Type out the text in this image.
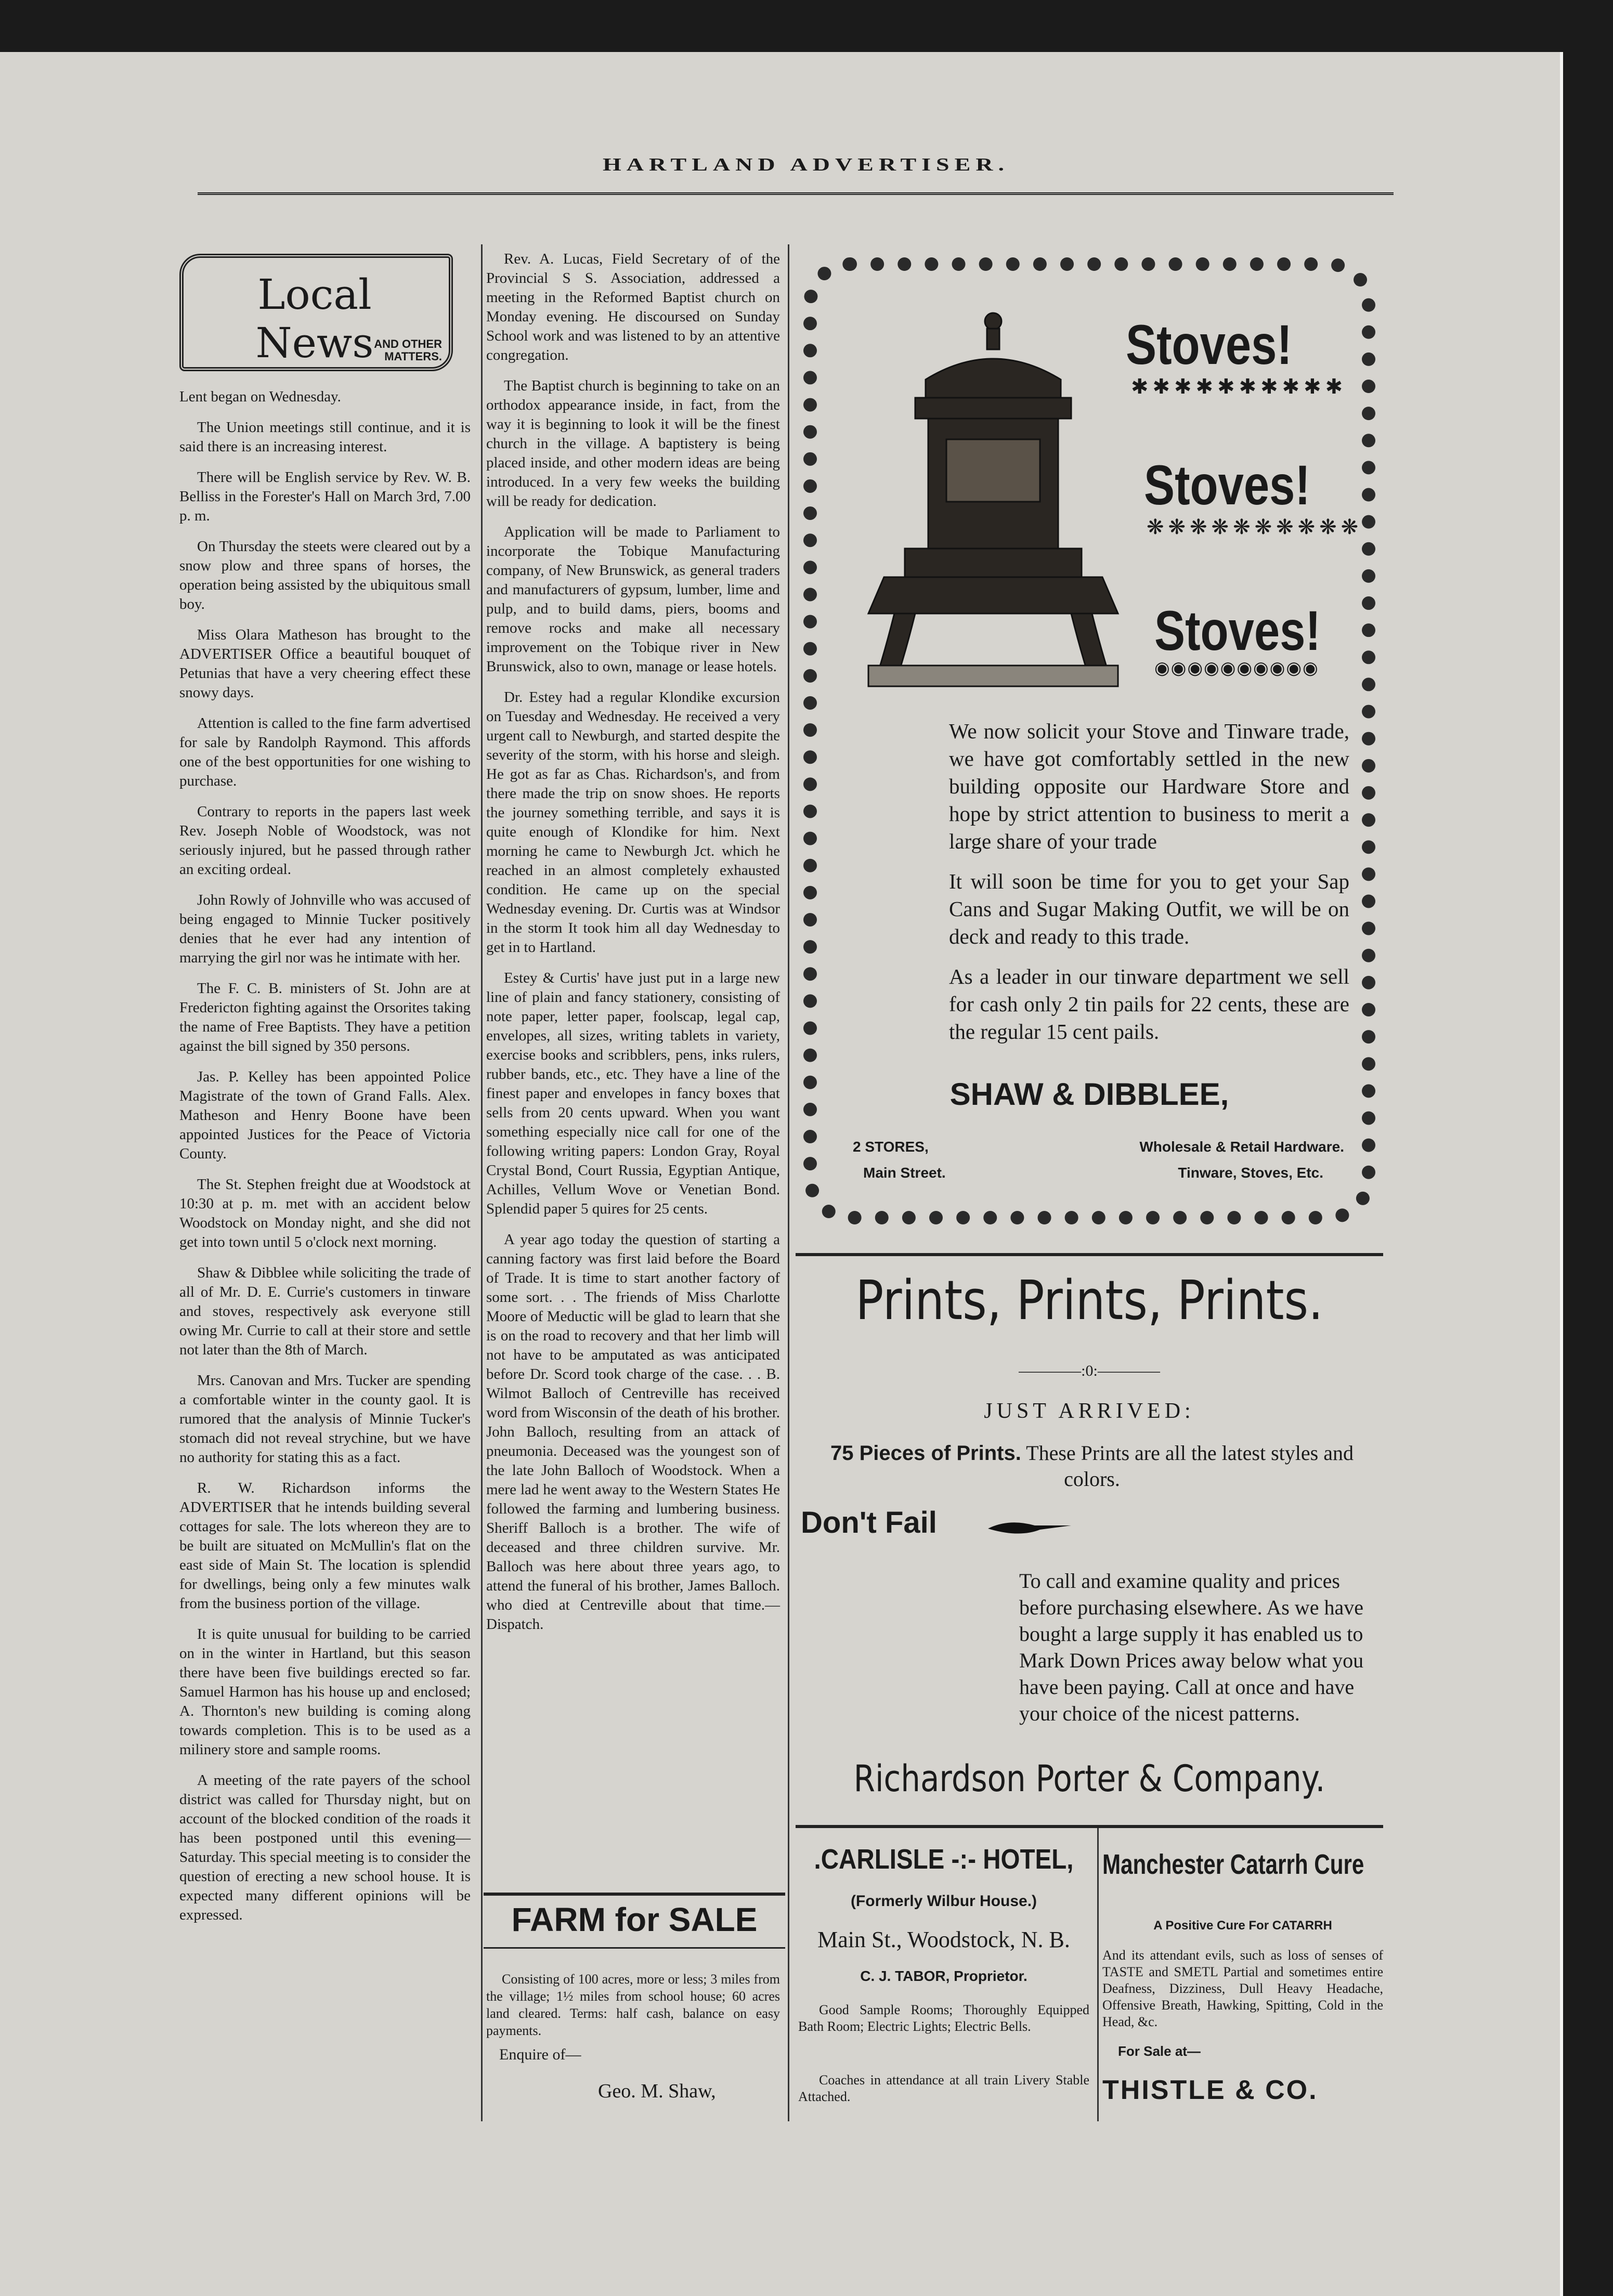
HARTLAND ADVERTISER.
Local News AND OTHER
MATTERS.

Lent began on Wednesday.

The Union meetings still continue, and it is said there is an increasing interest.

There will be English service by Rev. W. B. Belliss in the Forester's Hall on March 3rd, 7.00 p. m.

On Thursday the steets were cleared out by a snow plow and three spans of horses, the operation being assisted by the ubiquitous small boy.

Miss Olara Matheson has brought to the ADVERTISER Office a beautiful bouquet of Petunias that have a very cheering effect these snowy days.

Attention is called to the fine farm advertised for sale by Randolph Raymond. This affords one of the best opportunities for one wishing to purchase.

Contrary to reports in the papers last week Rev. Joseph Noble of Woodstock, was not seriously injured, but he passed through rather an exciting ordeal.

John Rowly of Johnville who was accused of being engaged to Minnie Tucker positively denies that he ever had any intention of marrying the girl nor was he intimate with her.

The F. C. B. ministers of St. John are at Fredericton fighting against the Orsorites taking the name of Free Baptists. They have a petition against the bill signed by 350 persons.

Jas. P. Kelley has been appointed Police Magistrate of the town of Grand Falls. Alex. Matheson and Henry Boone have been appointed Justices for the Peace of Victoria County.

The St. Stephen freight due at Woodstock at 10:30 at p. m. met with an accident below Woodstock on Monday night, and she did not get into town until 5 o'clock next morning.

Shaw & Dibblee while soliciting the trade of all of Mr. D. E. Currie's customers in tinware and stoves, respectively ask everyone still owing Mr. Currie to call at their store and settle not later than the 8th of March.

Mrs. Canovan and Mrs. Tucker are spending a comfortable winter in the county gaol. It is rumored that the analysis of Minnie Tucker's stomach did not reveal strychine, but we have no authority for stating this as a fact.

R. W. Richardson informs the ADVERTISER that he intends building several cottages for sale. The lots whereon they are to be built are situated on McMullin's flat on the east side of Main St. The location is splendid for dwellings, being only a few minutes walk from the business portion of the village.

It is quite unusual for building to be carried on in the winter in Hartland, but this season there have been five buildings erected so far. Samuel Harmon has his house up and enclosed; A. Thornton's new building is coming along towards completion. This is to be used as a milinery store and sample rooms.

A meeting of the rate payers of the school district was called for Thursday night, but on account of the blocked condition of the roads it has been postponed until this evening—Saturday. This special meeting is to consider the question of erecting a new school house. It is expected many different opinions will be expressed.

Rev. A. Lucas, Field Secretary of of the Provincial S S. Association, addressed a meeting in the Reformed Baptist church on Monday evening. He discoursed on Sunday School work and was listened to by an attentive congregation.

The Baptist church is beginning to take on an orthodox appearance inside, in fact, from the way it is beginning to look it will be the finest church in the village. A baptistery is being placed inside, and other modern ideas are being introduced. In a very few weeks the building will be ready for dedication.

Application will be made to Parliament to incorporate the Tobique Manufacturing company, of New Brunswick, as general traders and manufacturers of gypsum, lumber, lime and pulp, and to build dams, piers, booms and remove rocks and make all necessary improvement on the Tobique river in New Brunswick, also to own, manage or lease hotels.

Dr. Estey had a regular Klondike excursion on Tuesday and Wednesday. He received a very urgent call to Newburgh, and started despite the severity of the storm, with his horse and sleigh. He got as far as Chas. Richardson's, and from there made the trip on snow shoes. He reports the journey something terrible, and says it is quite enough of Klondike for him. Next morning he came to Newburgh Jct. which he reached in an almost completely exhausted condition. He came up on the special Wednesday evening. Dr. Curtis was at Windsor in the storm It took him all day Wednesday to get in to Hartland.

Estey & Curtis' have just put in a large new line of plain and fancy stationery, consisting of note paper, letter paper, foolscap, legal cap, envelopes, all sizes, writing tablets in variety, exercise books and scribblers, pens, inks rulers, rubber bands, etc., etc. They have a line of the finest paper and envelopes in fancy boxes that sells from 20 cents upward. When you want something especially nice call for one of the following writing papers: London Gray, Royal Crystal Bond, Court Russia, Egyptian Antique, Achilles, Vellum Wove or Venetian Bond. Splendid paper 5 quires for 25 cents.

A year ago today the question of starting a canning factory was first laid before the Board of Trade. It is time to start another factory of some sort. . . The friends of Miss Charlotte Moore of Meductic will be glad to learn that she is on the road to recovery and that her limb will not have to be amputated as was anticipated before Dr. Scord took charge of the case. . . B. Wilmot Balloch of Centreville has received word from Wisconsin of the death of his brother. John Balloch, resulting from an attack of pneumonia. Deceased was the youngest son of the late John Balloch of Woodstock. When a mere lad he went away to the Western States He followed the farming and lumbering business. Sheriff Balloch is a brother. The wife of deceased and three children survive. Mr. Balloch was here about three years ago, to attend the funeral of his brother, James Balloch. who died at Centreville about that time.—Dispatch.

FARM for SALE
Consisting of 100 acres, more or less; 3 miles from the village; 1½ miles from school house; 60 acres land cleared. Terms: half cash, balance on easy payments.
Enquire of—
Geo. M. Shaw,
Stoves!
✱✱✱✱✱✱✱✱✱✱
Stoves!
❋❋❋❋❋❋❋❋❋❋
Stoves!
◉◉◉◉◉◉◉◉◉◉

We now solicit your Stove and Tinware trade, we have got comfortably settled in the new building opposite our Hardware Store and hope by strict attention to business to merit a large share of your trade

It will soon be time for you to get your Sap Cans and Sugar Making Outfit, we will be on deck and ready to this trade.

As a leader in our tinware department we sell for cash only 2 tin pails for 22 cents, these are the regular 15 cent pails.

SHAW & DIBBLEE,
2 STORES,
Main Street.
Wholesale & Retail Hardware.
Tinware, Stoves, Etc.
Prints, Prints, Prints.
————:0:————
JUST ARRIVED:
75 Pieces of Prints. These Prints are all the latest styles and colors.
Don't Fail
To call and examine quality and prices before purchasing elsewhere. As we have bought a large supply it has enabled us to Mark Down Prices away below what you have been paying. Call at once and have your choice of the nicest patterns.
Richardson Porter & Company.
.CARLISLE -:- HOTEL,
(Formerly Wilbur House.)
Main St., Woodstock, N. B.
C. J. TABOR, Proprietor.
Good Sample Rooms; Thoroughly Equipped Bath Room; Electric Lights; Electric Bells.
Coaches in attendance at all train Livery Stable Attached.
Manchester Catarrh Cure
A Positive Cure For CATARRH
And its attendant evils, such as loss of senses of TASTE and SMETL Partial and sometimes entire Deafness, Dizziness, Dull Heavy Headache, Offensive Breath, Hawking, Spitting, Cold in the Head, &c.
For Sale at—
THISTLE & CO.
